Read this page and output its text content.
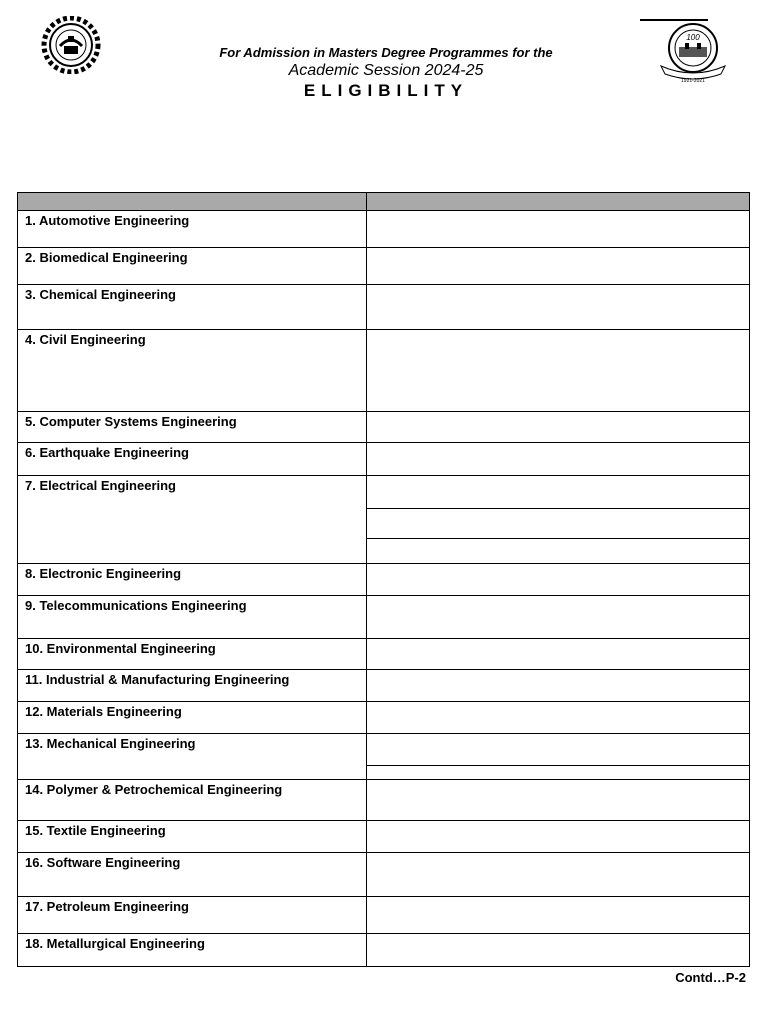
100
1921-2021
For Admission in Masters Degree Programmes for the
Academic Session 2024-25
ELIGIBILITY
1. Automotive Engineering
2. Biomedical Engineering
3. Chemical Engineering
4. Civil Engineering
5. Computer Systems Engineering
6. Earthquake Engineering
7. Electrical Engineering
8. Electronic Engineering
9. Telecommunications Engineering
10. Environmental Engineering
11. Industrial & Manufacturing Engineering
12. Materials Engineering
13. Mechanical Engineering
14. Polymer & Petrochemical Engineering
15. Textile Engineering
16. Software Engineering
17. Petroleum Engineering
18. Metallurgical Engineering
Contd…P-2
